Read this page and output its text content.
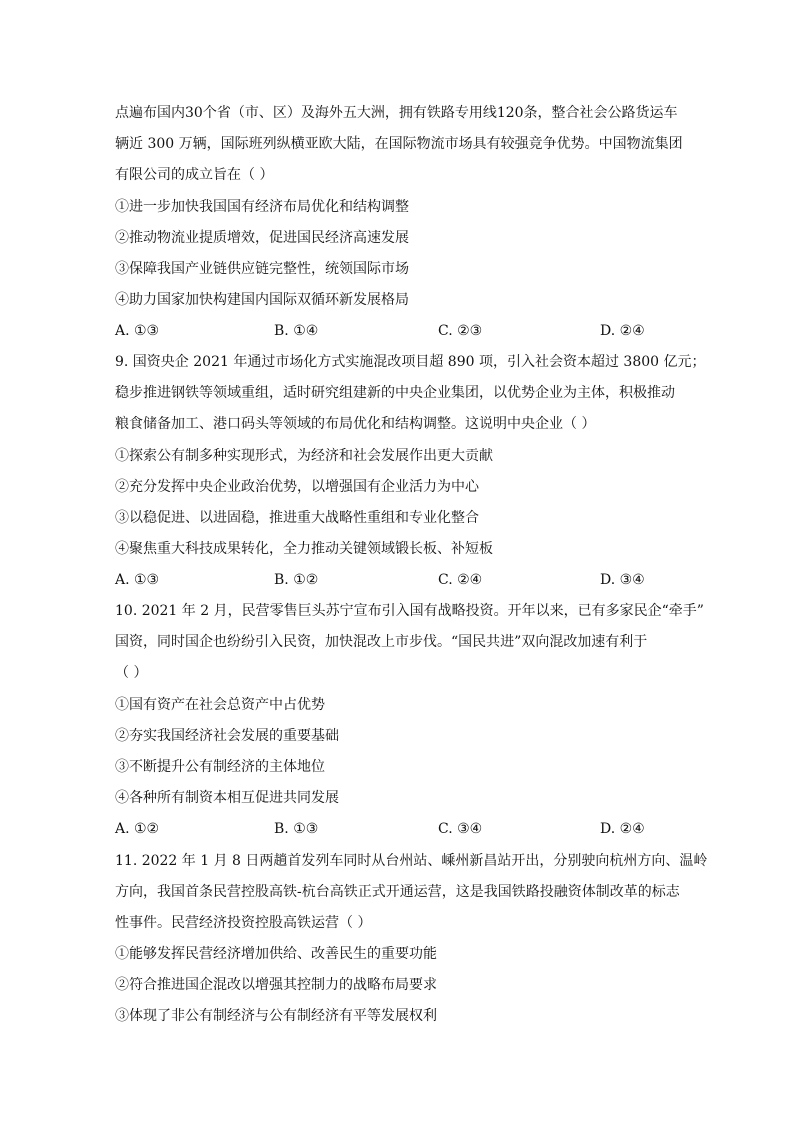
点遍布国内30个省（市、区）及海外五大洲，拥有铁路专用线120条，整合社会公路货运车
辆近 300 万辆，国际班列纵横亚欧大陆，在国际物流市场具有较强竞争优势。中国物流集团
有限公司的成立旨在（ ）
①进一步加快我国国有经济布局优化和结构调整
②推动物流业提质增效，促进国民经济高速发展
③保障我国产业链供应链完整性，统领国际市场
④助力国家加快构建国内国际双循环新发展格局
A. ①③	B. ①④	C. ②③	D. ②④
9. 国资央企 2021 年通过市场化方式实施混改项目超 890 项，引入社会资本超过 3800 亿元；
稳步推进钢铁等领域重组，适时研究组建新的中央企业集团，以优势企业为主体，积极推动
粮食储备加工、港口码头等领域的布局优化和结构调整。这说明中央企业（ ）
①探索公有制多种实现形式，为经济和社会发展作出更大贡献
②充分发挥中央企业政治优势，以增强国有企业活力为中心
③以稳促进、以进固稳，推进重大战略性重组和专业化整合
④聚焦重大科技成果转化，全力推动关键领域锻长板、补短板
A. ①③	B. ①②	C. ②④	D. ③④
10. 2021 年 2 月，民营零售巨头苏宁宣布引入国有战略投资。开年以来，已有多家民企“牵手”
国资，同时国企也纷纷引入民资，加快混改上市步伐。“国民共进”双向混改加速有利于
（ ）
①国有资产在社会总资产中占优势
②夯实我国经济社会发展的重要基础
③不断提升公有制经济的主体地位
④各种所有制资本相互促进共同发展
A. ①②	B. ①③	C. ③④	D. ②④
11. 2022 年 1 月 8 日两趟首发列车同时从台州站、嵊州新昌站开出，分别驶向杭州方向、温岭
方向，我国首条民营控股高铁-杭台高铁正式开通运营，这是我国铁路投融资体制改革的标志
性事件。民营经济投资控股高铁运营（ ）
①能够发挥民营经济增加供给、改善民生的重要功能
②符合推进国企混改以增强其控制力的战略布局要求
③体现了非公有制经济与公有制经济有平等发展权利
